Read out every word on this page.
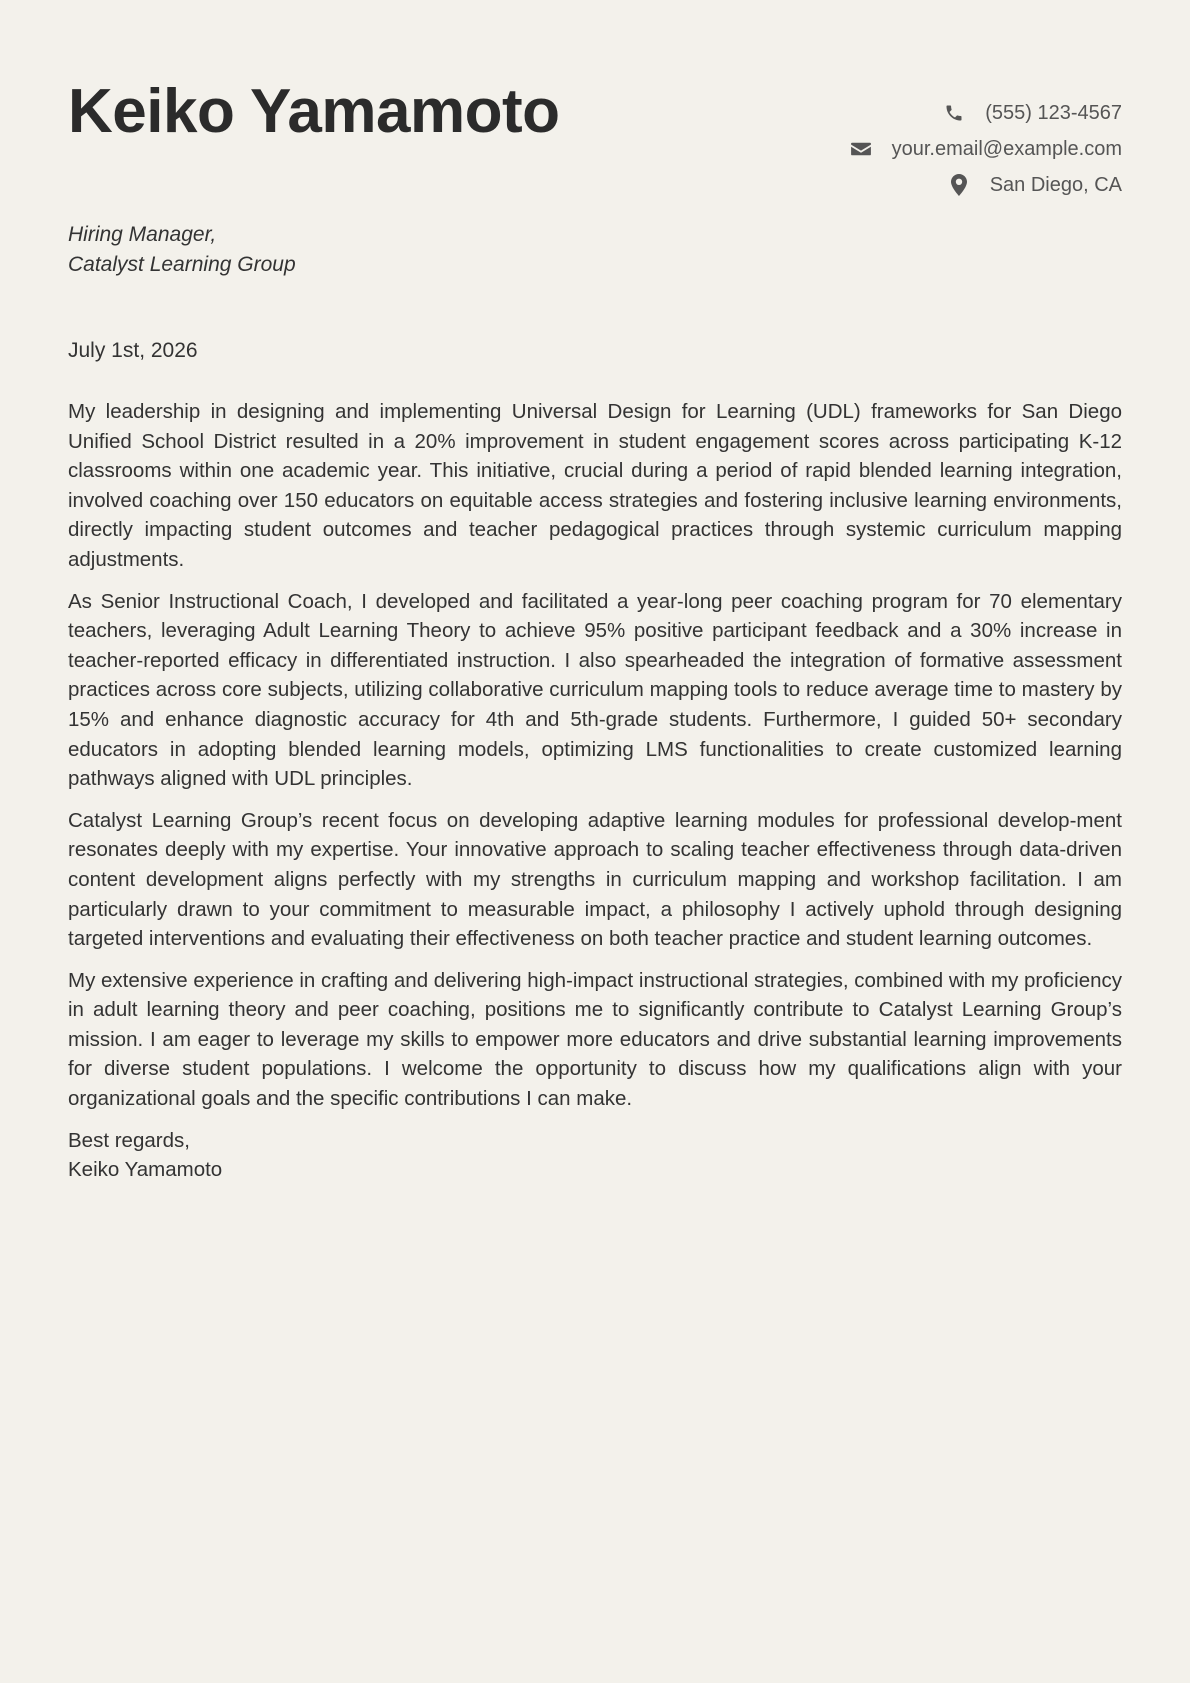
Keiko Yamamoto	(555) 123-4567
your.email@example.com
San Diego, CA
Hiring Manager,
Catalyst Learning Group
July 1st, 2026

My leadership in designing and implementing Universal Design for Learning (UDL) frameworks for San Diego Unified School District resulted in a 20% improvement in student engagement scores across participating K-12 classrooms within one academic year. This initiative, crucial during a period of rapid blended learning integration, involved coaching over 150 educators on equitable access strategies and fostering inclusive learning environments, directly impacting student outcomes and teacher pedagogical practices through systemic curriculum mapping adjustments.

As Senior Instructional Coach, I developed and facilitated a year-long peer coaching program for 70 elementary teachers, leveraging Adult Learning Theory to achieve 95% positive participant feedback and a 30% increase in teacher-reported efficacy in differentiated instruction. I also spearheaded the integration of formative assessment practices across core subjects, utilizing collaborative curriculum mapping tools to reduce average time to mastery by 15% and enhance diagnostic accuracy for 4th and 5th-grade students. Furthermore, I guided 50+ secondary educators in adopting blended learning models, optimizing LMS functionalities to create customized learning pathways aligned with UDL principles.

Catalyst Learning Group’s recent focus on developing adaptive learning modules for professional develop-ment resonates deeply with my expertise. Your innovative approach to scaling teacher effectiveness through data-driven content development aligns perfectly with my strengths in curriculum mapping and workshop facilitation. I am particularly drawn to your commitment to measurable impact, a philosophy I actively uphold through designing targeted interventions and evaluating their effectiveness on both teacher practice and student learning outcomes.

My extensive experience in crafting and delivering high-impact instructional strategies, combined with my proficiency in adult learning theory and peer coaching, positions me to significantly contribute to Catalyst Learning Group’s mission. I am eager to leverage my skills to empower more educators and drive substantial learning improvements for diverse student populations. I welcome the opportunity to discuss how my qualifications align with your organizational goals and the specific contributions I can make.

Best regards,
Keiko Yamamoto
